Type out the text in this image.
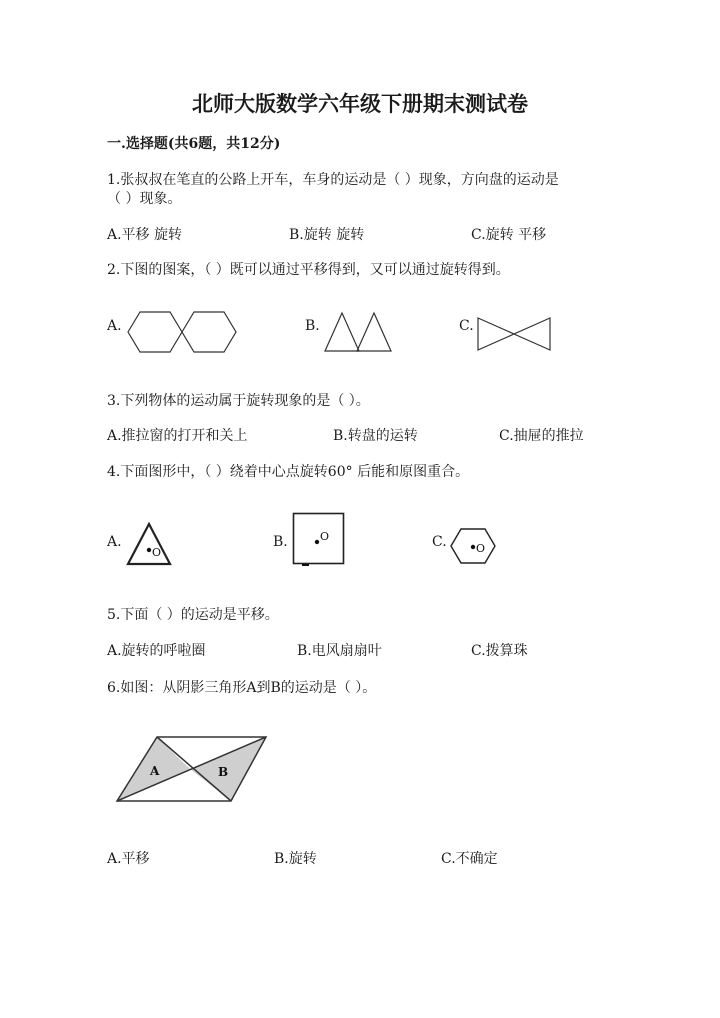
北师大版数学六年级下册期末测试卷
一.选择题(共6题，共12分)
1.张叔叔在笔直的公路上开车，车身的运动是（ ）现象，方向盘的运动是
（ ）现象。
A.平移 旋转	B.旋转 旋转	C.旋转 平移
2.下图的图案，（ ）既可以通过平移得到，又可以通过旋转得到。
A.	B.	C.
3.下列物体的运动属于旋转现象的是（ ）。
A.推拉窗的打开和关上	B.转盘的运转	C.抽屉的推拉
4.下面图形中，（ ）绕着中心点旋转60° 后能和原图重合。
A.
O
B.	O	C.	O
5.下面（ ）的运动是平移。
A.旋转的呼啦圈	B.电风扇扇叶	C.拨算珠
6.如图：从阴影三角形A到B的运动是（ ）。
A	B
A.平移	B.旋转	C.不确定
